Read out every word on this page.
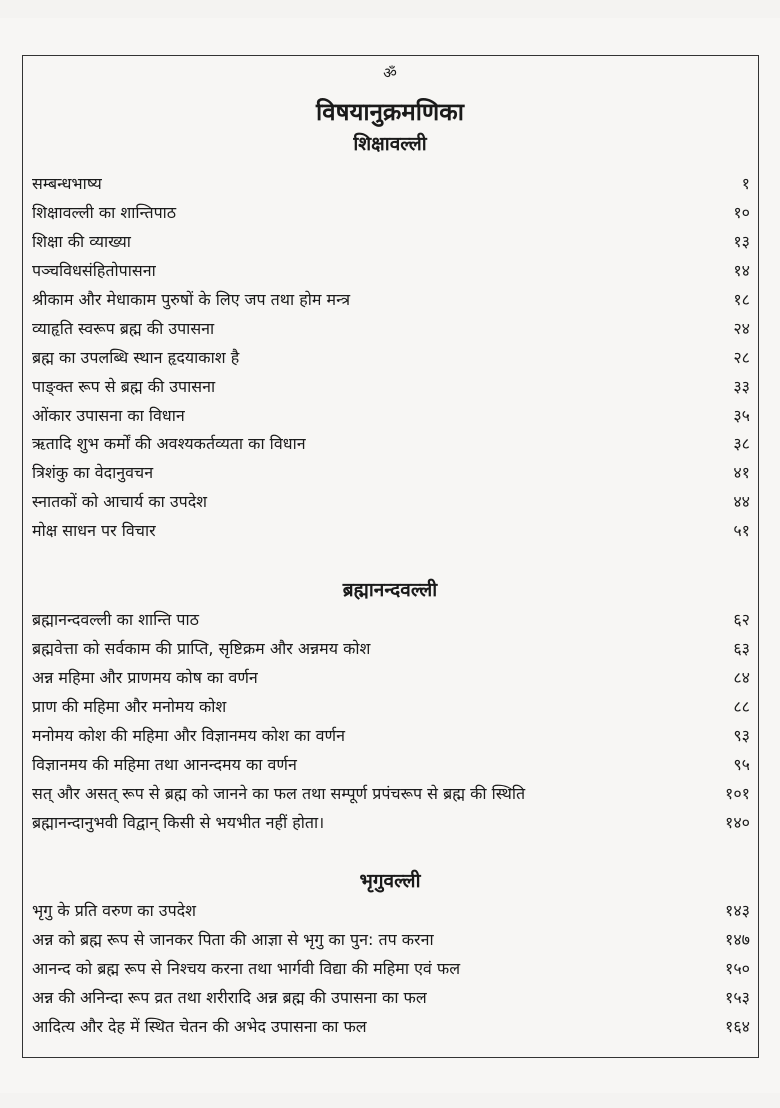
ॐ
विषयानुक्रमणिका
शिक्षावल्ली
सम्बन्धभाष्य	१
शिक्षावल्ली का शान्तिपाठ	१०
शिक्षा की व्याख्या	१३
पञ्चविधसंहितोपासना	१४
श्रीकाम और मेधाकाम पुरुषों के लिए जप तथा होम मन्त्र	१८
व्याहृति स्वरूप ब्रह्म की उपासना	२४
ब्रह्म का उपलब्धि स्थान हृदयाकाश है	२८
पाङ्क्त रूप से ब्रह्म की उपासना	३३
ओंकार उपासना का विधान	३५
ऋतादि शुभ कर्मों की अवश्यकर्तव्यता का विधान	३८
त्रिशंकु का वेदानुवचन	४१
स्नातकों को आचार्य का उपदेश	४४
मोक्ष साधन पर विचार	५१
ब्रह्मानन्दवल्ली
ब्रह्मानन्दवल्ली का शान्ति पाठ	६२
ब्रह्मवेत्ता को सर्वकाम की प्राप्ति, सृष्टिक्रम और अन्नमय कोश	६३
अन्न महिमा और प्राणमय कोष का वर्णन	८४
प्राण की महिमा और मनोमय कोश	८८
मनोमय कोश की महिमा और विज्ञानमय कोश का वर्णन	९३
विज्ञानमय की महिमा तथा आनन्दमय का वर्णन	९५
सत् और असत् रूप से ब्रह्म को जानने का फल तथा सम्पूर्ण प्रपंचरूप से ब्रह्म की स्थिति	१०१
ब्रह्मानन्दानुभवी विद्वान् किसी से भयभीत नहीं होता।	१४०
भृगुवल्ली
भृगु के प्रति वरुण का उपदेश	१४३
अन्न को ब्रह्म रूप से जानकर पिता की आज्ञा से भृगु का पुन: तप करना	१४७
आनन्द को ब्रह्म रूप से निश्चय करना तथा भार्गवी विद्या की महिमा एवं फल	१५०
अन्न की अनिन्दा रूप व्रत तथा शरीरादि अन्न ब्रह्म की उपासना का फल	१५३
आदित्य और देह में स्थित चेतन की अभेद उपासना का फल	१६४
